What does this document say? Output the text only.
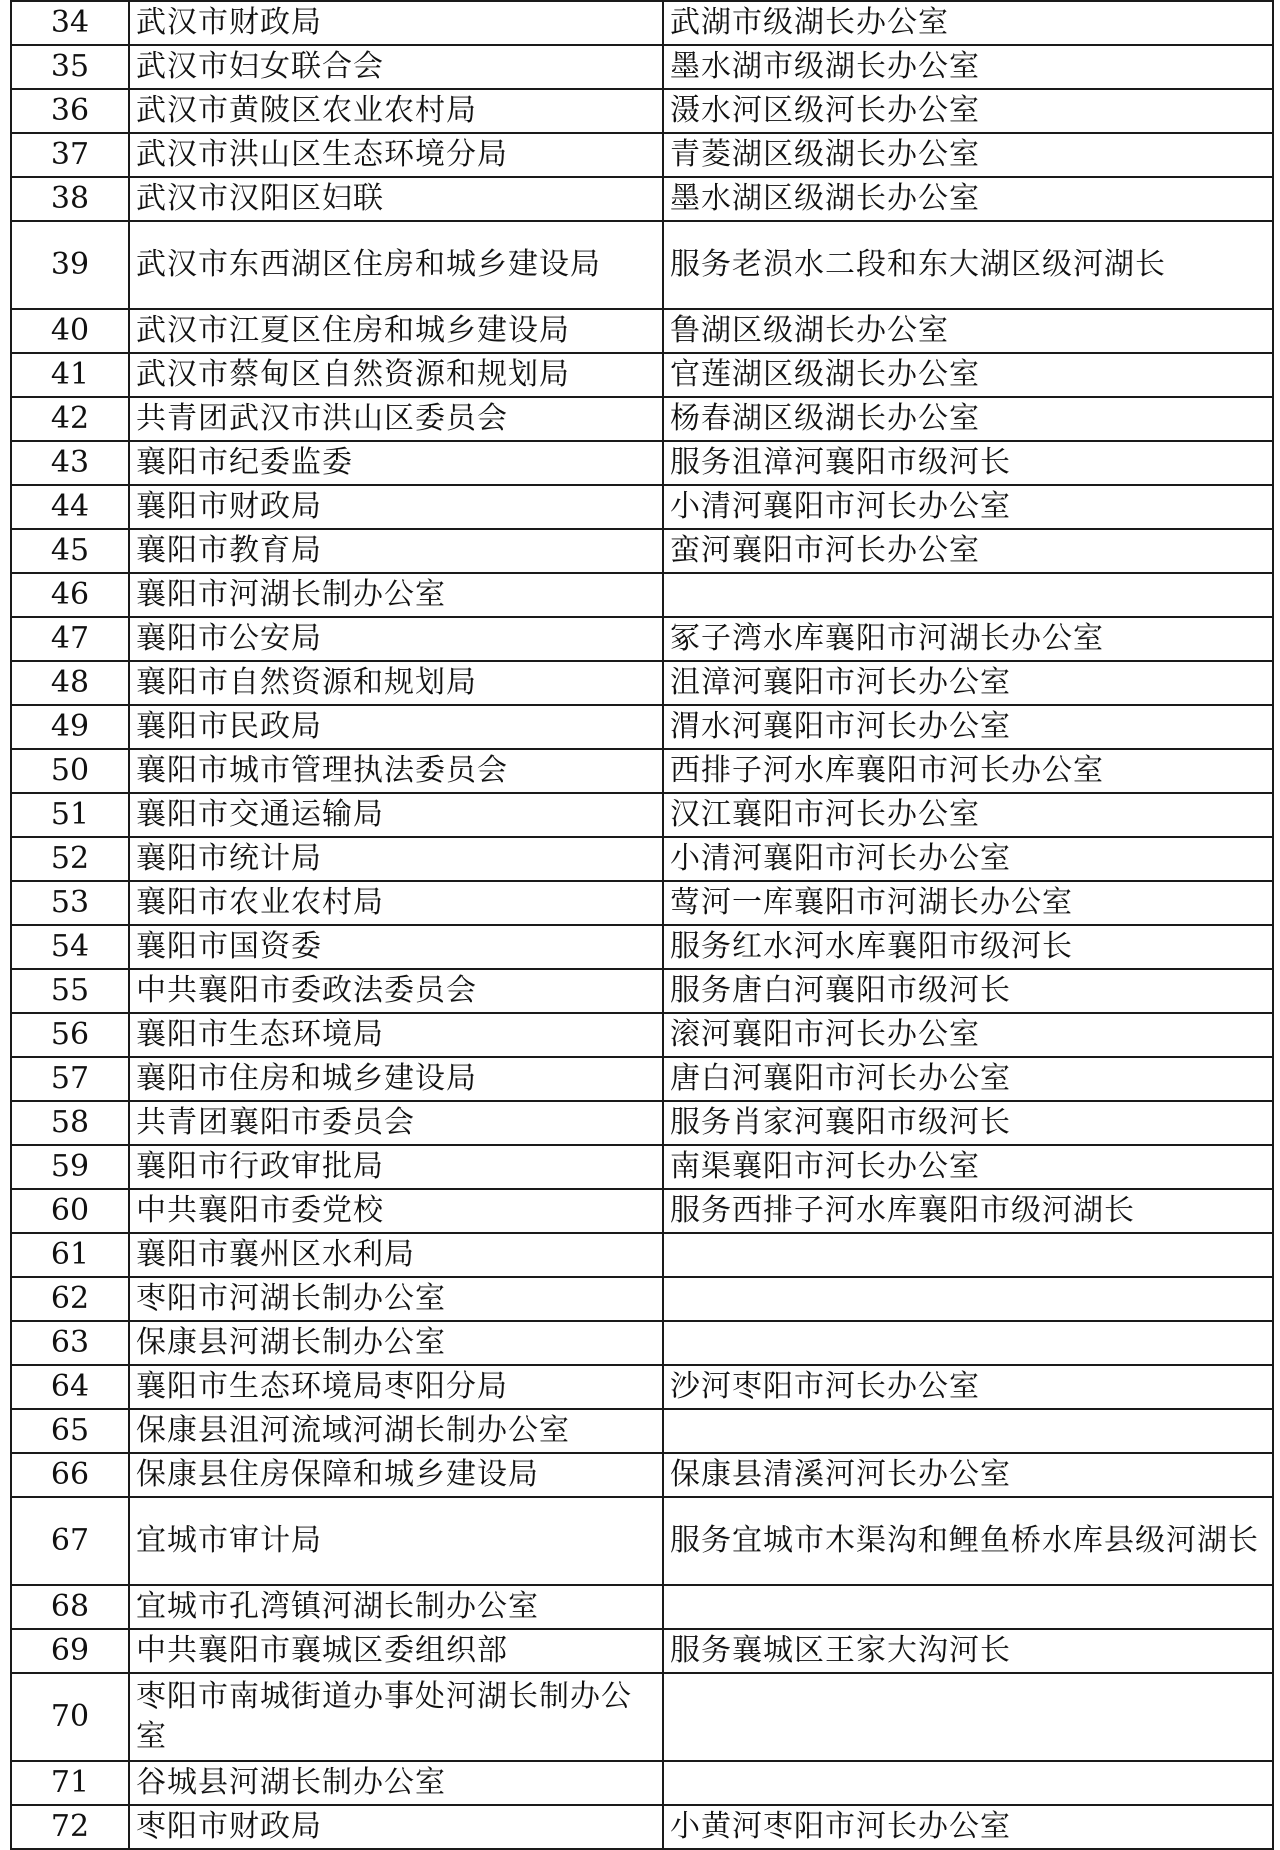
34	武汉市财政局	武湖市级湖长办公室
35	武汉市妇女联合会	墨水湖市级湖长办公室
36	武汉市黄陂区农业农村局	滠水河区级河长办公室
37	武汉市洪山区生态环境分局	青菱湖区级湖长办公室
38	武汉市汉阳区妇联	墨水湖区级湖长办公室
39	武汉市东西湖区住房和城乡建设局	服务老涢水二段和东大湖区级河湖长
40	武汉市江夏区住房和城乡建设局	鲁湖区级湖长办公室
41	武汉市蔡甸区自然资源和规划局	官莲湖区级湖长办公室
42	共青团武汉市洪山区委员会	杨春湖区级湖长办公室
43	襄阳市纪委监委	服务沮漳河襄阳市级河长
44	襄阳市财政局	小清河襄阳市河长办公室
45	襄阳市教育局	蛮河襄阳市河长办公室
46	襄阳市河湖长制办公室	
47	襄阳市公安局	冢子湾水库襄阳市河湖长办公室
48	襄阳市自然资源和规划局	沮漳河襄阳市河长办公室
49	襄阳市民政局	渭水河襄阳市河长办公室
50	襄阳市城市管理执法委员会	西排子河水库襄阳市河长办公室
51	襄阳市交通运输局	汉江襄阳市河长办公室
52	襄阳市统计局	小清河襄阳市河长办公室
53	襄阳市农业农村局	莺河一库襄阳市河湖长办公室
54	襄阳市国资委	服务红水河水库襄阳市级河长
55	中共襄阳市委政法委员会	服务唐白河襄阳市级河长
56	襄阳市生态环境局	滚河襄阳市河长办公室
57	襄阳市住房和城乡建设局	唐白河襄阳市河长办公室
58	共青团襄阳市委员会	服务肖家河襄阳市级河长
59	襄阳市行政审批局	南渠襄阳市河长办公室
60	中共襄阳市委党校	服务西排子河水库襄阳市级河湖长
61	襄阳市襄州区水利局	
62	枣阳市河湖长制办公室	
63	保康县河湖长制办公室	
64	襄阳市生态环境局枣阳分局	沙河枣阳市河长办公室
65	保康县沮河流域河湖长制办公室	
66	保康县住房保障和城乡建设局	保康县清溪河河长办公室
67	宜城市审计局	服务宜城市木渠沟和鲤鱼桥水库县级河湖长
68	宜城市孔湾镇河湖长制办公室	
69	中共襄阳市襄城区委组织部	服务襄城区王家大沟河长
70	枣阳市南城街道办事处河湖长制办公室	
71	谷城县河湖长制办公室	
72	枣阳市财政局	小黄河枣阳市河长办公室
